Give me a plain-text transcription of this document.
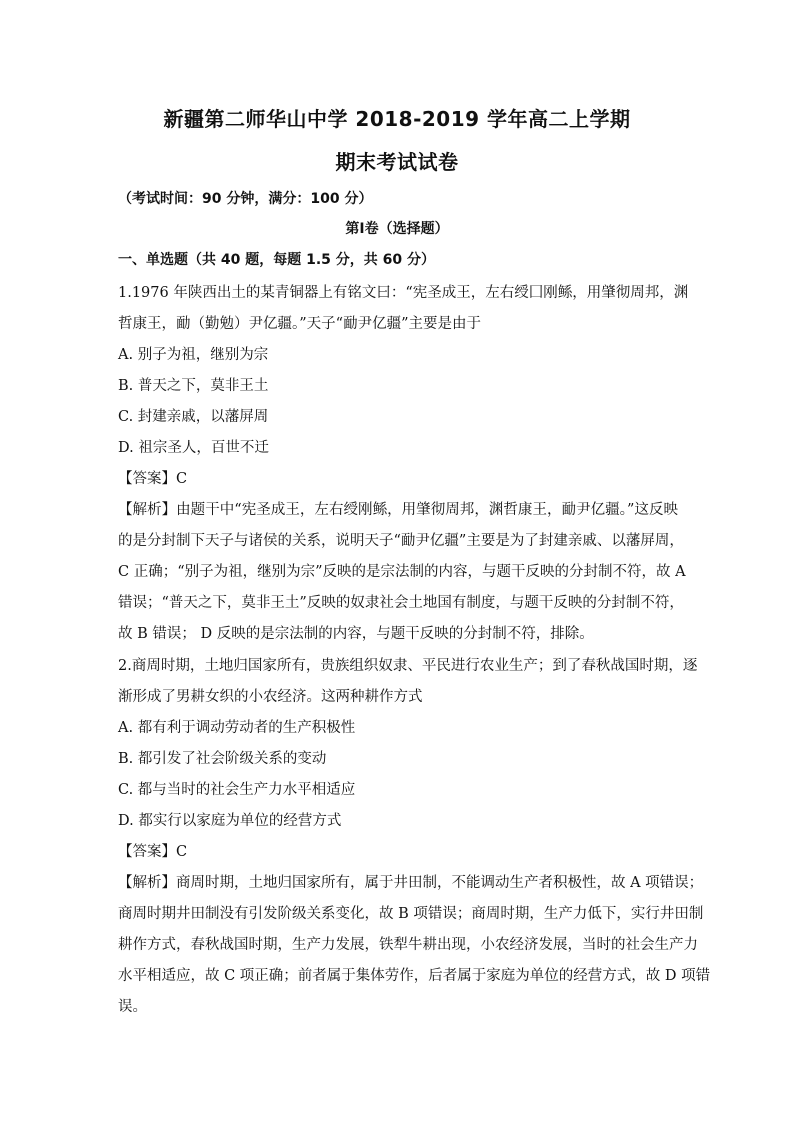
新疆第二师华山中学 2018-2019 学年高二上学期
期末考试试卷
（考试时间：90 分钟，满分：100 分）
第Ⅰ卷（选择题）
一、单选题（共 40 题，每题 1.5 分，共 60 分）
1.1976 年陕西出土的某青铜器上有铭文曰：“宪圣成王，左右绶囗刚鲧，用肇彻周邦，渊
哲康王，勔（勤勉）尹亿疆。”天子“勔尹亿疆”主要是由于
A. 别子为祖，继别为宗
B. 普天之下，莫非王土
C. 封建亲戚，以藩屏周
D. 祖宗圣人，百世不迁
【答案】C
【解析】由题干中“宪圣成王，左右绶刚鲧，用肇彻周邦，渊哲康王，勔尹亿疆。”这反映
的是分封制下天子与诸侯的关系，说明天子“勔尹亿疆”主要是为了封建亲戚、以藩屏周，
C 正确；“别子为祖，继别为宗”反映的是宗法制的内容，与题干反映的分封制不符，故 A
错误；“普天之下，莫非王土”反映的奴隶社会土地国有制度，与题干反映的分封制不符，
故 B 错误； D 反映的是宗法制的内容，与题干反映的分封制不符，排除。
2.商周时期，土地归国家所有，贵族组织奴隶、平民进行农业生产；到了春秋战国时期，逐
渐形成了男耕女织的小农经济。这两种耕作方式
A. 都有利于调动劳动者的生产积极性
B. 都引发了社会阶级关系的变动
C. 都与当时的社会生产力水平相适应
D. 都实行以家庭为单位的经营方式
【答案】C
【解析】商周时期，土地归国家所有，属于井田制，不能调动生产者积极性，故 A 项错误；
商周时期井田制没有引发阶级关系变化，故 B 项错误；商周时期，生产力低下，实行井田制
耕作方式，春秋战国时期，生产力发展，铁犁牛耕出现，小农经济发展，当时的社会生产力
水平相适应，故 C 项正确；前者属于集体劳作，后者属于家庭为单位的经营方式，故 D 项错
误。
